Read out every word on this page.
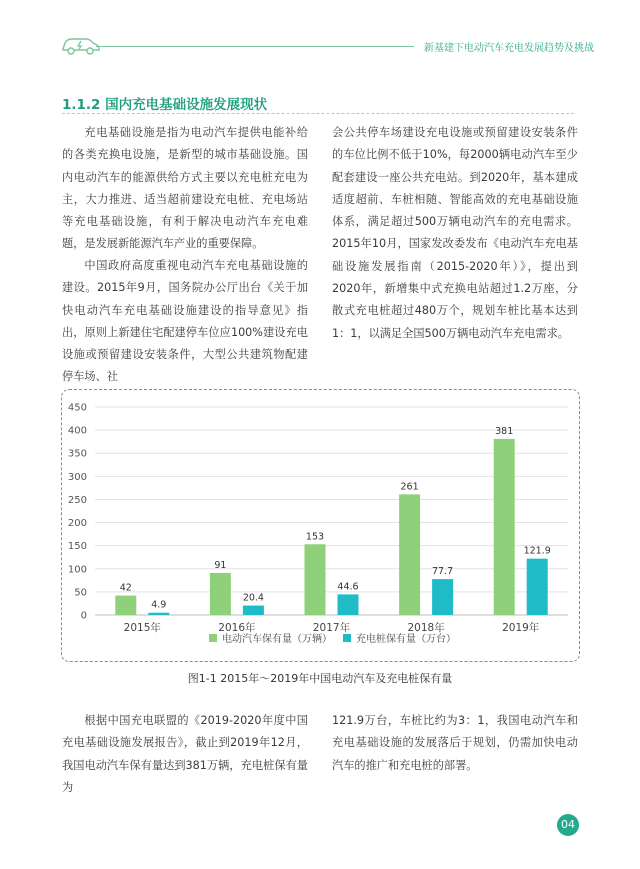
新基建下电动汽车充电发展趋势及挑战
1.1.2 国内充电基础设施发展现状

充电基础设施是指为电动汽车提供电能补给的各类充换电设施，是新型的城市基础设施。国内电动汽车的能源供给方式主要以充电桩充电为主，大力推进、适当超前建设充电桩、充电场站等充电基础设施，有利于解决电动汽车充电难题，是发展新能源汽车产业的重要保障。

中国政府高度重视电动汽车充电基础设施的建设。2015年9月，国务院办公厅出台《关于加快电动汽车充电基础设施建设的指导意见》指出，原则上新建住宅配建停车位应100%建设充电设施或预留建设安装条件，大型公共建筑物配建停车场、社

会公共停车场建设充电设施或预留建设安装条件的车位比例不低于10%，每2000辆电动汽车至少配套建设一座公共充电站。到2020年，基本建成适度超前、车桩相随、智能高效的充电基础设施体系，满足超过500万辆电动汽车的充电需求。2015年10月，国家发改委发布《电动汽车充电基础设施发展指南（2015-2020年）》，提出到2020年，新增集中式充换电站超过1.2万座，分散式充电桩超过480万个，规划车桩比基本达到1：1，以满足全国500万辆电动汽车充电需求。

0
50
100
150
200
250
300
350
400
450
42
4.9
2015年
91
20.4
2016年
153
44.6
2017年
261
77.7
2018年
381
121.9
2019年
电动汽车保有量（万辆） 充电桩保有量（万台）
图1-1 2015年～2019年中国电动汽车及充电桩保有量

根据中国充电联盟的《2019-2020年度中国充电基础设施发展报告》，截止到2019年12月，我国电动汽车保有量达到381万辆，充电桩保有量为

121.9万台，车桩比约为3：1，我国电动汽车和充电基础设施的发展落后于规划，仍需加快电动汽车的推广和充电桩的部署。

04
